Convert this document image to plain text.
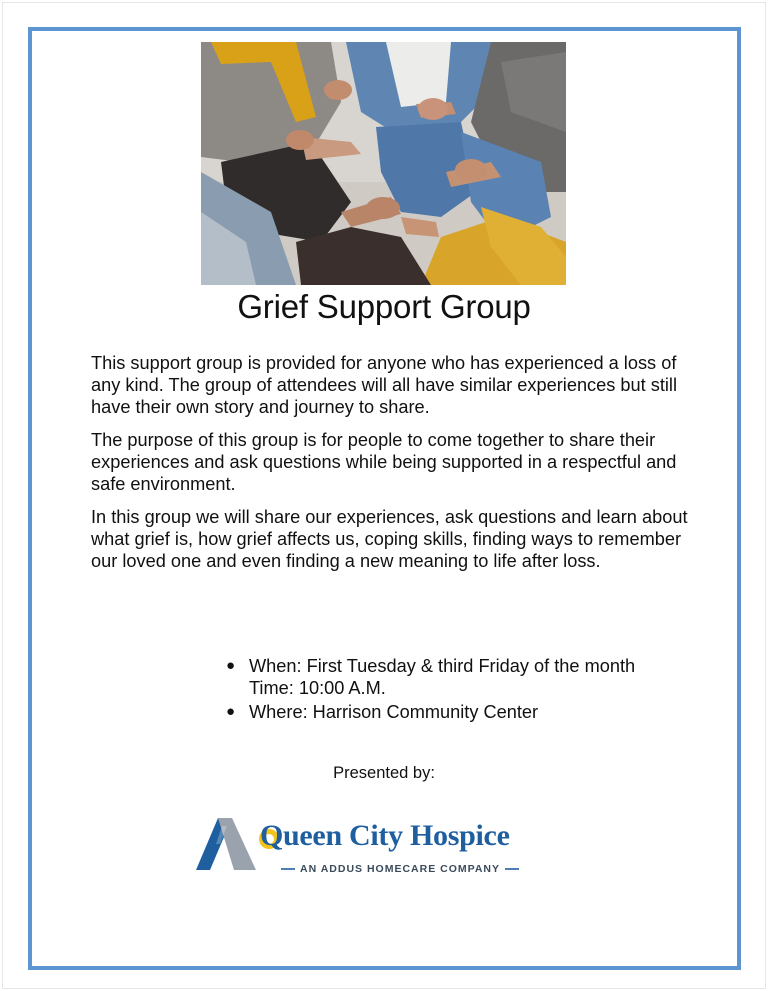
Grief Support Group

This support group is provided for anyone who has experienced a loss of any kind. The group of attendees will all have similar experiences but still have their own story and journey to share.

The purpose of this group is for people to come together to share their experiences and ask questions while being supported in a respectful and safe environment.

In this group we will share our experiences, ask questions and learn about what grief is, how grief affects us, coping skills, finding ways to remember our loved one and even finding a new meaning to life after loss.

● When: First Tuesday & third Friday of the month
Time: 10:00 A.M.
● Where: Harrison Community Center
Presented by:
Queen City Hospice
AN ADDUS HOMECARE COMPANY
